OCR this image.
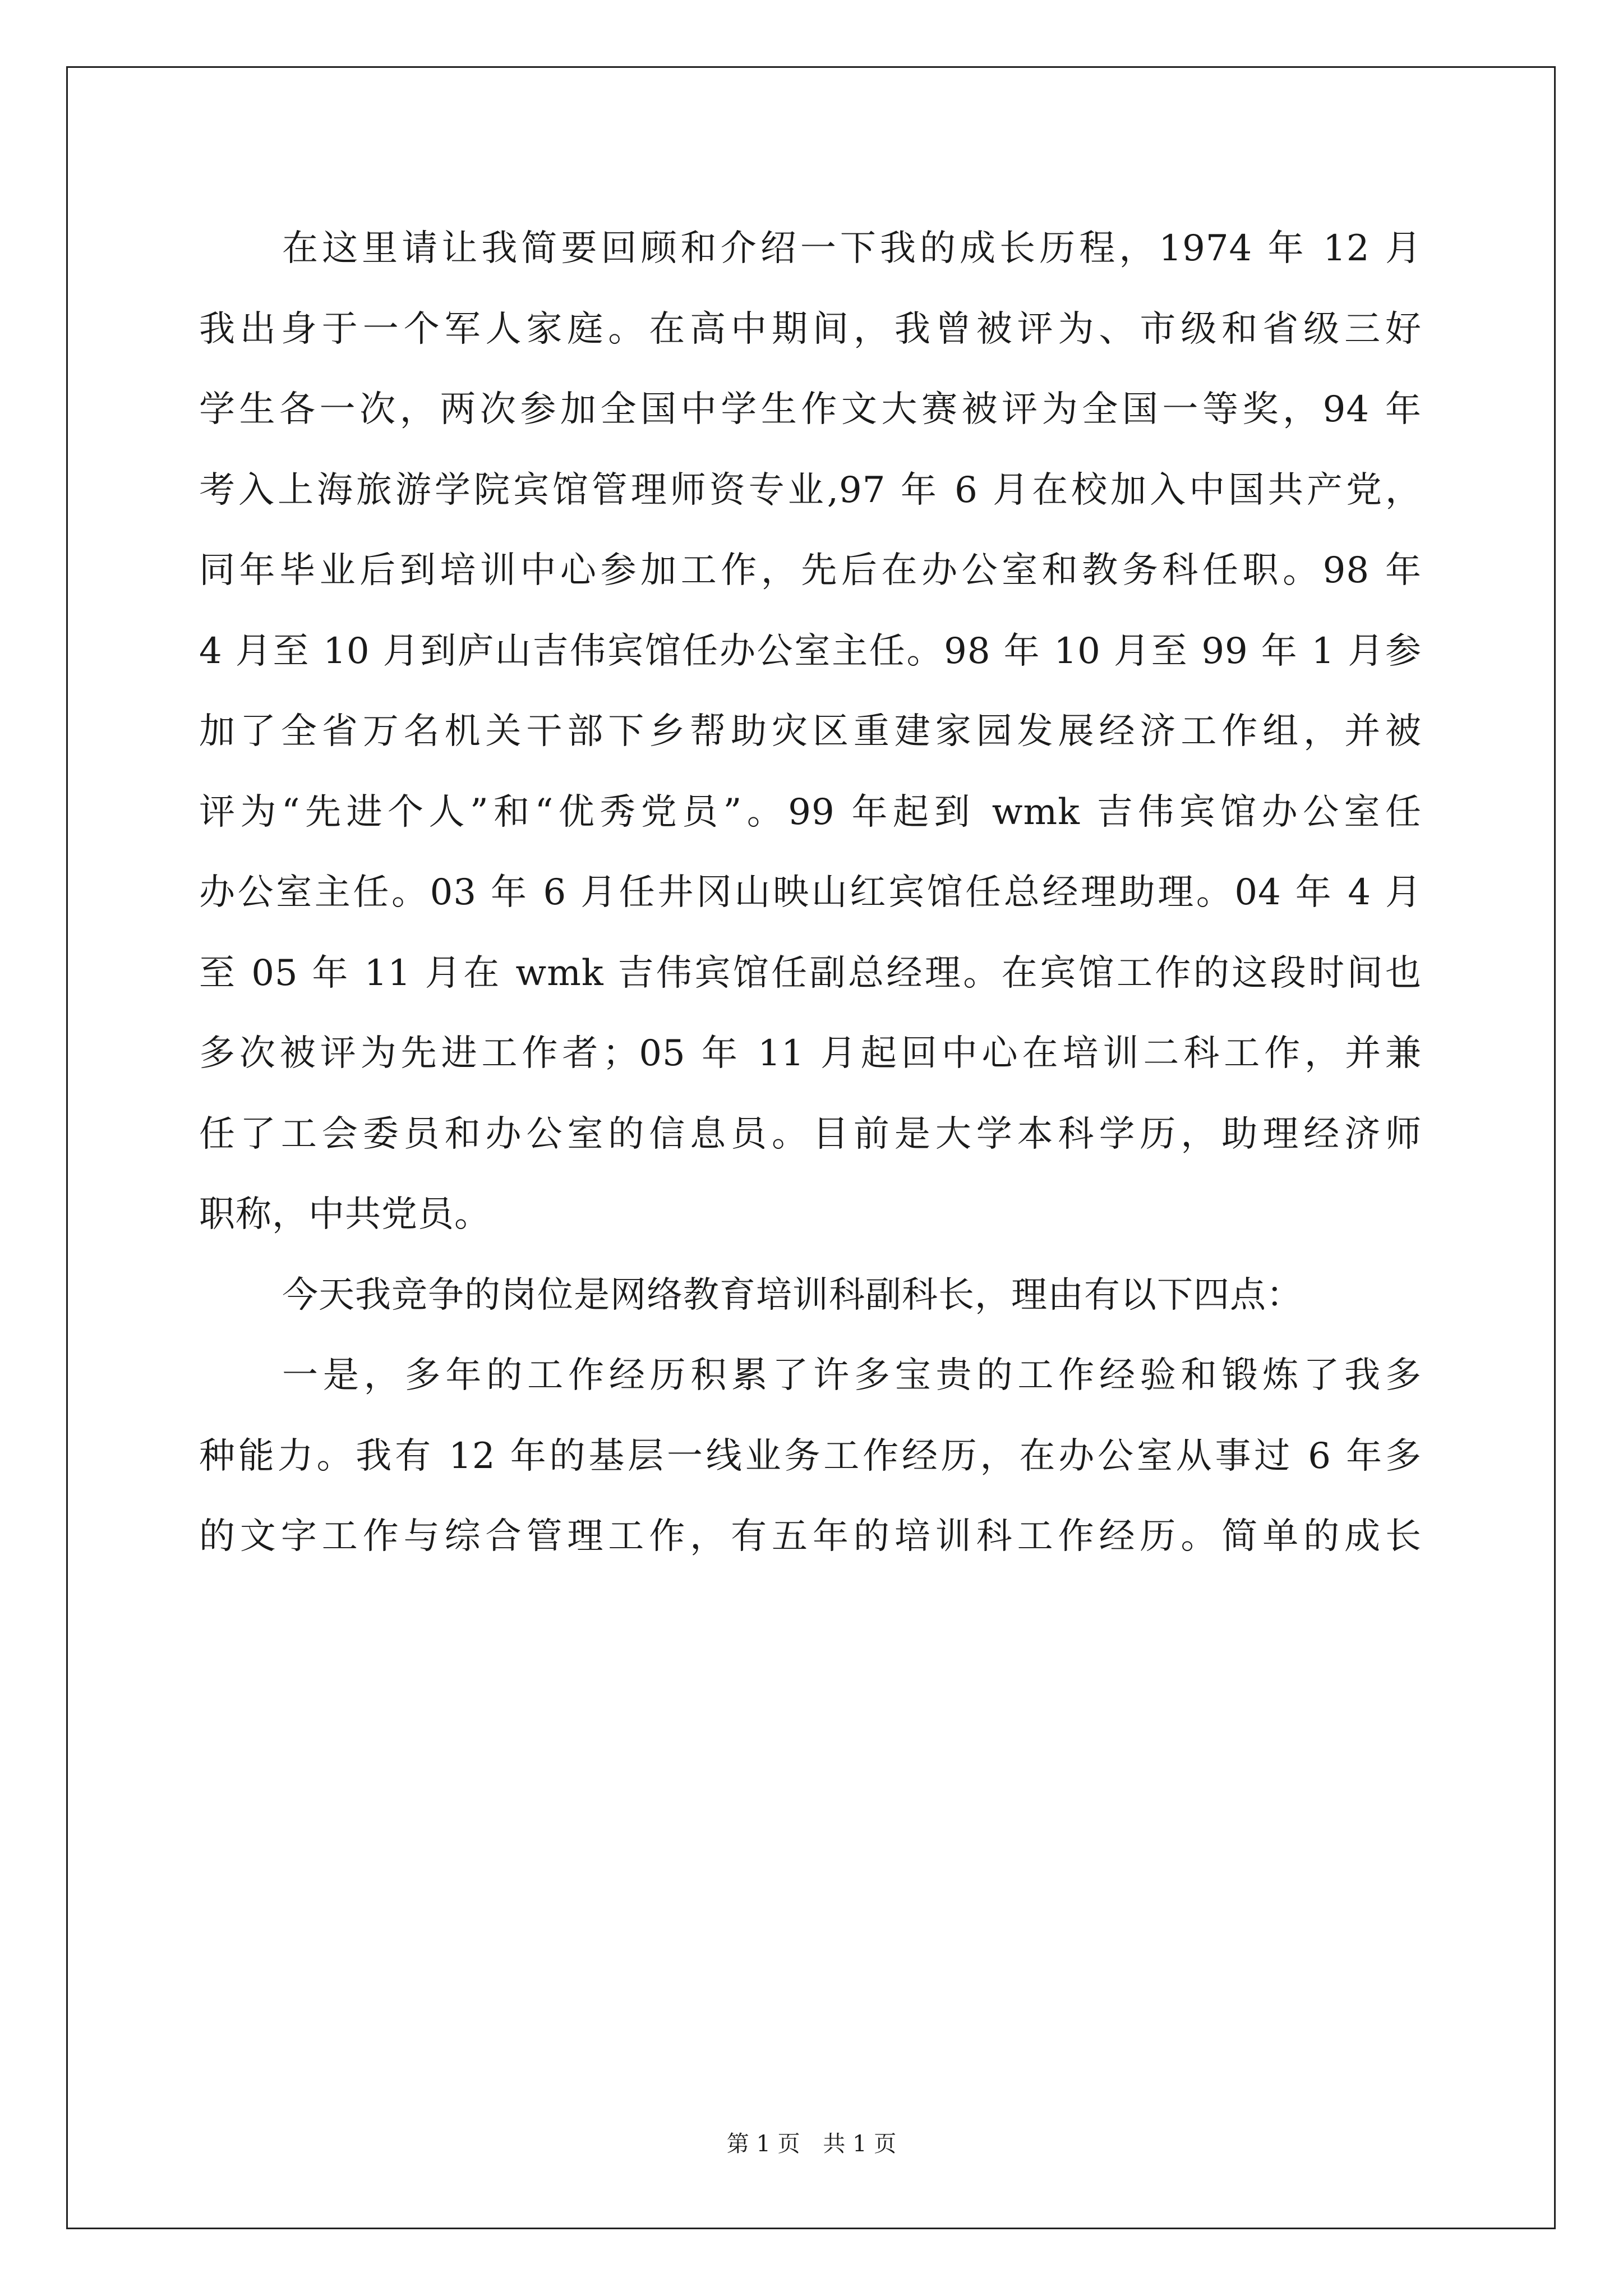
在这里请让我简要回顾和介绍一下我的成长历程，1974 年 12 月
我出身于一个军人家庭。在高中期间，我曾被评为、市级和省级三好
学生各一次，两次参加全国中学生作文大赛被评为全国一等奖，94 年
考入上海旅游学院宾馆管理师资专业,97 年 6 月在校加入中国共产党，
同年毕业后到培训中心参加工作，先后在办公室和教务科任职。98 年
4 月至 10 月到庐山吉伟宾馆任办公室主任。98 年 10 月至 99 年 1 月参
加了全省万名机关干部下乡帮助灾区重建家园发展经济工作组，并被
评为“先进个人”和“优秀党员”。99 年起到 wmk 吉伟宾馆办公室任
办公室主任。03 年 6 月任井冈山映山红宾馆任总经理助理。04 年 4 月
至 05 年 11 月在 wmk 吉伟宾馆任副总经理。在宾馆工作的这段时间也
多次被评为先进工作者；05 年 11 月起回中心在培训二科工作，并兼
任了工会委员和办公室的信息员。目前是大学本科学历，助理经济师
职称，中共党员。
今天我竞争的岗位是网络教育培训科副科长，理由有以下四点：
一是，多年的工作经历积累了许多宝贵的工作经验和锻炼了我多
种能力。我有 12 年的基层一线业务工作经历，在办公室从事过 6 年多
的文字工作与综合管理工作，有五年的培训科工作经历。简单的成长
第 1 页 共 1 页
